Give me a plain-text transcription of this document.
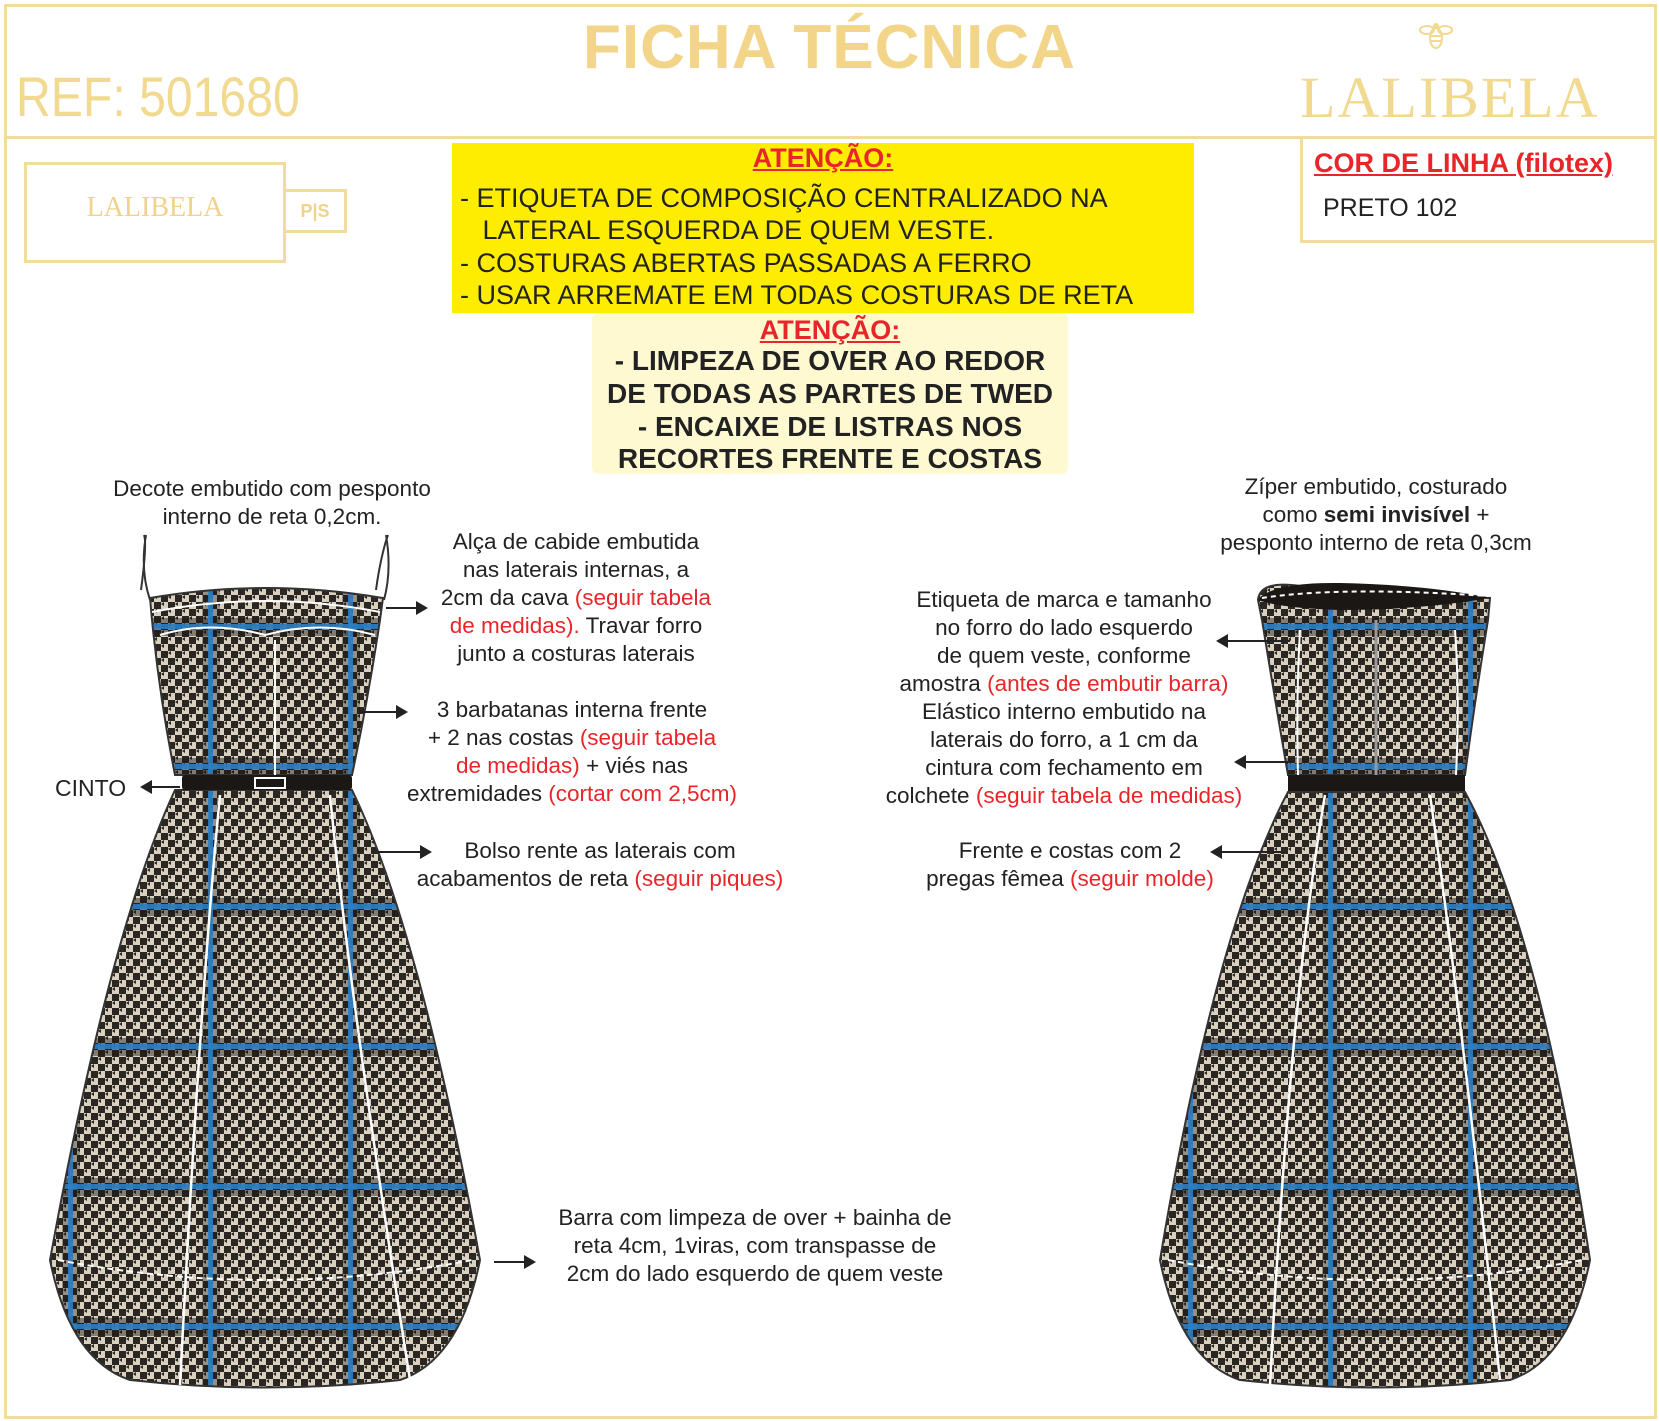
FICHA TÉCNICA
REF: 501680	LALIBELA
LALIBELA	P|S
ATENÇÃO:
- ETIQUETA DE COMPOSIÇÃO CENTRALIZADO NA
LATERAL ESQUERDA DE QUEM VESTE.
- COSTURAS ABERTAS PASSADAS A FERRO
- USAR ARREMATE EM TODAS COSTURAS DE RETA
ATENÇÃO:
- LIMPEZA DE OVER AO REDOR
DE TODAS AS PARTES DE TWED
- ENCAIXE DE LISTRAS NOS
RECORTES FRENTE E COSTAS
COR DE LINHA (filotex)
PRETO 102
Decote embutido com pesponto
interno de reta 0,2cm.
Alça de cabide embutida
nas laterais internas, a
2cm da cava (seguir tabela
de medidas). Travar forro
junto a costuras laterais
3 barbatanas interna frente
+ 2 nas costas (seguir tabela
de medidas) + viés nas
extremidades (cortar com 2,5cm)
CINTO
Bolso rente as laterais com
acabamentos de reta (seguir piques)
Barra com limpeza de over + bainha de
reta 4cm, 1viras, com transpasse de
2cm do lado esquerdo de quem veste
Zíper embutido, costurado
como semi invisível +
pesponto interno de reta 0,3cm
Etiqueta de marca e tamanho
no forro do lado esquerdo
de quem veste, conforme
amostra (antes de embutir barra)
Elástico interno embutido na
laterais do forro, a 1 cm da
cintura com fechamento em
colchete (seguir tabela de medidas)
Frente e costas com 2
pregas fêmea (seguir molde)
